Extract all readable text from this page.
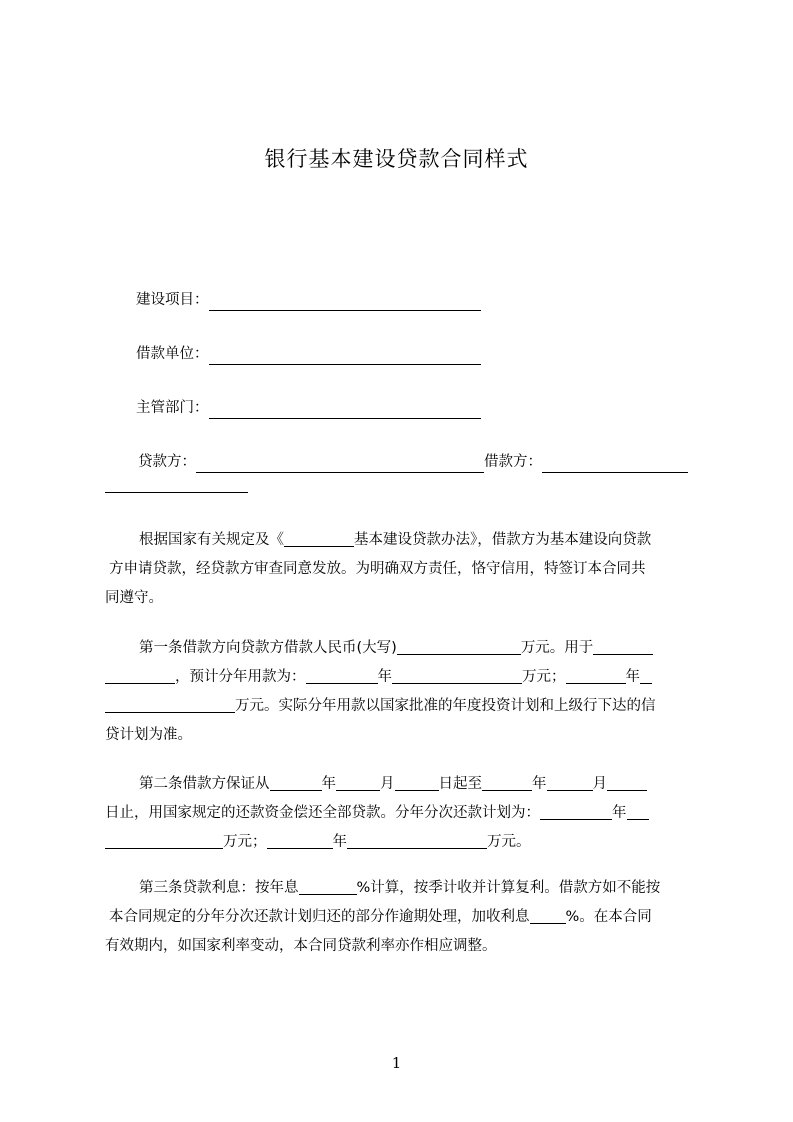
银行基本建设贷款合同样式
建设项目：
借款单位：
主管部门：
贷款方：	借款方：
根据国家有关规定及《	基本建设贷款办法》，借款方为基本建设向贷款
方申请贷款，经贷款方审查同意发放。为明确双方责任，恪守信用，特签订本合同共
同遵守。
第一条借款方向贷款方借款人民币(大写)	万元。用于
，预计分年用款为：	年	万元；	年
万元。实际分年用款以国家批准的年度投资计划和上级行下达的信
贷计划为准。
第二条借款方保证从	年	月	日起至	年	月
日止，用国家规定的还款资金偿还全部贷款。分年分次还款计划为：	年
万元；	年	万元。
第三条贷款利息：按年息	%计算，按季计收并计算复利。借款方如不能按
本合同规定的分年分次还款计划归还的部分作逾期处理，加收利息 %。在本合同
有效期内，如国家利率变动，本合同贷款利率亦作相应调整。
1
